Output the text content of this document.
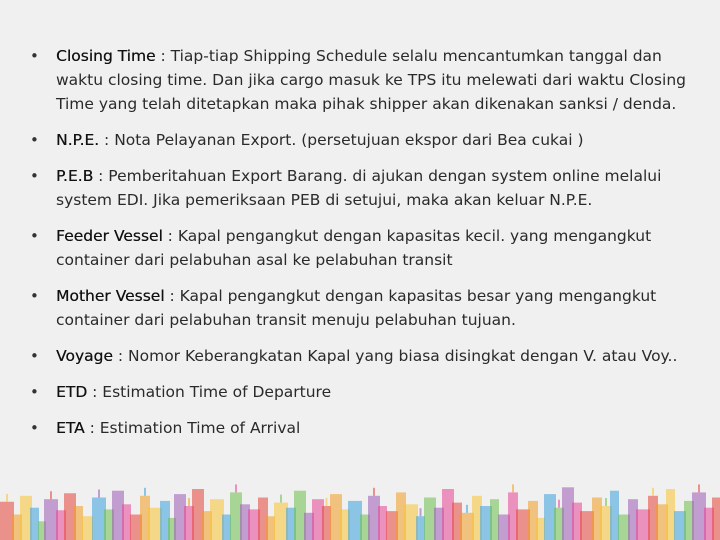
• Closing Time : Tiap-tiap Shipping Schedule selalu mencantumkan tanggal dan waktu closing time. Dan jika cargo masuk ke TPS itu melewati dari waktu Closing Time yang telah ditetapkan maka pihak shipper akan dikenakan sanksi / denda.
• N.P.E. : Nota Pelayanan Export. (persetujuan ekspor dari Bea cukai )
• P.E.B : Pemberitahuan Export Barang. di ajukan dengan system online melalui system EDI. Jika pemeriksaan PEB di setujui, maka akan keluar N.P.E.
• Feeder Vessel : Kapal pengangkut dengan kapasitas kecil. yang mengangkut container dari pelabuhan asal ke pelabuhan transit
• Mother Vessel : Kapal pengangkut dengan kapasitas besar yang mengangkut container dari pelabuhan transit menuju pelabuhan tujuan.
• Voyage : Nomor Keberangkatan Kapal yang biasa disingkat dengan V. atau Voy..
• ETD : Estimation Time of Departure
• ETA : Estimation Time of Arrival
